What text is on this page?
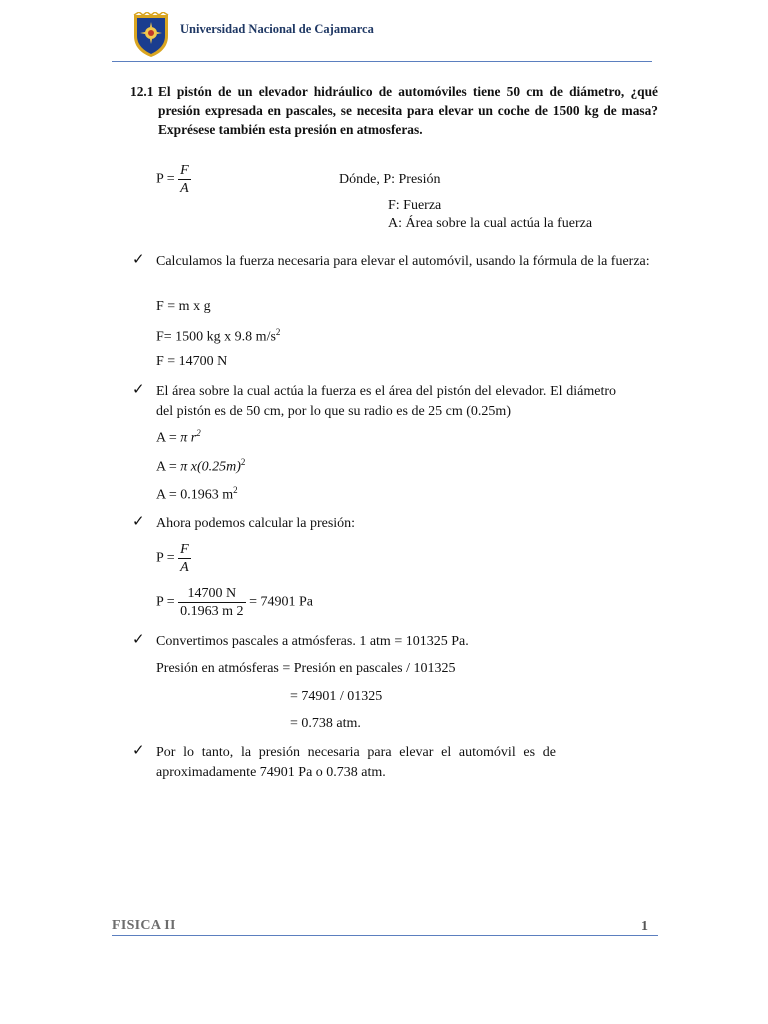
Universidad Nacional de Cajamarca
12.1 El pistón de un elevador hidráulico de automóviles tiene 50 cm de diámetro, ¿qué presión expresada en pascales, se necesita para elevar un coche de 1500 kg de masa? Exprésese también esta presión en atmosferas.
$P = \frac{F}{A}$	Dónde, P: Presión
F: Fuerza
A: Área sobre la cual actúa la fuerza
✓ Calculamos la fuerza necesaria para elevar el automóvil, usando la fórmula de la fuerza:
F = m x g
F= 1500 kg x 9.8 $m/s^2$
F = 14700 N
✓ El área sobre la cual actúa la fuerza es el área del pistón del elevador. El diámetro del pistón es de 50 cm, por lo que su radio es de 25 cm (0.25m)
A = π $r^2$
A = π $x(0.25m)^2$
A = 0.1963 $m^2$
✓ Ahora podemos calcular la presión:
$P = \frac{F}{A}$
$P = \frac{14700 N}{0.1963 m 2} = 74901$ Pa
✓ Convertimos pascales a atmósferas. 1 atm = 101325 Pa.
Presión en atmósferas = Presión en pascales / 101325
= 74901 / 01325
= 0.738 atm.
✓ Por lo tanto, la presión necesaria para elevar el automóvil es de aproximadamente 74901 Pa o 0.738 atm.
FISICA II	1
